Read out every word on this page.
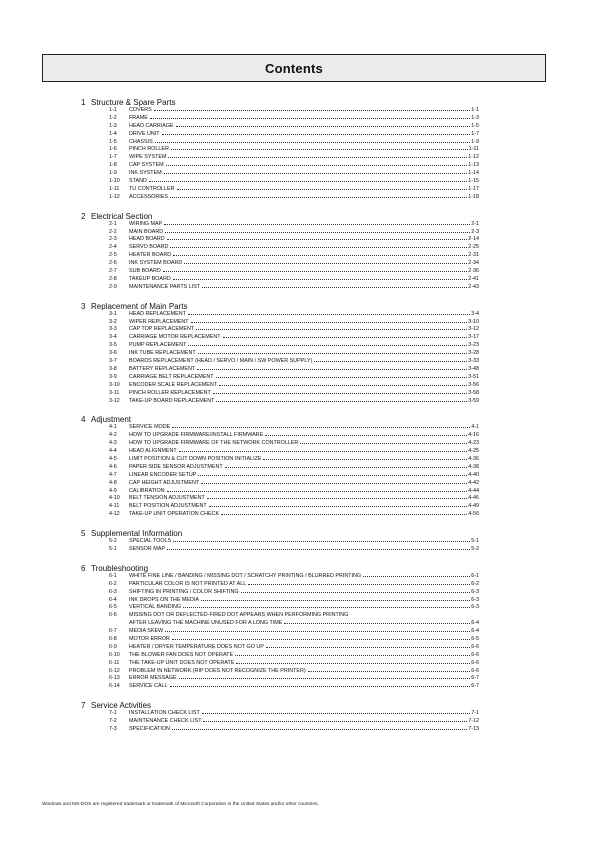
Contents
1 Structure & Spare Parts
1-1	COVERS	1-1
1-2	FRAME	1-3
1-3	HEAD CARRIAGE	1-5
1-4	DRIVE UNIT	1-7
1-5	CHASSIS	1-9
1-6	PINCH ROLLER	1-11
1-7	WIPE SYSTEM	1-12
1-8	CAP SYSTEM	1-13
1-9	INK SYSTEM	1-14
1-10	STAND	1-15
1-11	TU CONTROLLER	1-17
1-12	ACCESSORIES	1-18
2 Electrical Section
2-1	WIRING MAP	2-1
2-2	MAIN BOARD	2-3
2-3	HEAD BOARD	2-14
2-4	SERVO BOARD	2-25
2-5	HEATER BOARD	2-31
2-6	INK SYSTEM BOARD	2-34
2-7	SUB BOARD	2-36
2-8	TAKEUP BOARD	2-41
2-9	MAINTENANCE PARTS LIST	2-43
3 Replacement of Main Parts
3-1	HEAD REPLACEMENT	3-4
3-2	WIPER REPLACEMENT	3-10
3-3	CAP TOP REPLACEMENT	3-12
3-4	CARRIAGE MOTOR REPLACEMENT	3-17
3-5	PUMP REPLACEMENT	3-23
3-6	INK TUBE REPLACEMENT	3-28
3-7	BOARDS REPLACEMENT (HEAD / SERVO / MAIN / SW POWER SUPPLY)	3-33
3-8	BATTERY REPLACEMENT	3-48
3-9	CARRIAGE BELT REPLACEMENT	3-51
3-10	ENCODER SCALE REPLACEMENT	3-56
3-11	PINCH ROLLER REPLACEMENT	3-58
3-12	TAKE-UP BOARD REPLACEMENT	3-59
4 Adjustment
4-1	SERVICE MODE	4-1
4-2	HOW TO UPGRADE FIRMWARE/INSTALL FIRMWARE	4-16
4-3	HOW TO UPGRADE FIRMWARE OF THE NETWORK CONTROLLER	4-23
4-4	HEAD ALIGNMENT	4-25
4-5	LIMIT POSITION & CUT DOWN POSITION INITIALIZE	4-36
4-6	PAPER SIDE SENSOR ADJUSTMENT	4-38
4-7	LINEAR ENCODER SETUP	4-40
4-8	CAP HEIGHT ADJUSTMENT	4-42
4-9	CALIBRATION	4-44
4-10	BELT TENSION ADJUSTMENT	4-46
4-11	BELT POSITION ADJUSTMENT	4-49
4-12	TAKE-UP UNIT OPERATION CHECK	4-56
5 Supplemental Information
5-2	SPECIAL TOOLS	5-1
5-1	SENSOR MAP	5-2
6 Troubleshooting
6-1	WHITE FINE LINE / BANDING / MISSING DOT / SCRATCHY PRINTING / BLURRED PRINTING	6-1
6-2	PARTICULAR COLOR IS NOT PRINTED AT ALL	6-2
6-3	SHIFTING IN PRINTING / COLOR SHIFTING	6-3
6-4	INK DROPS ON THE MEDIA	6-3
6-5	VERTICAL BANDING	6-3
6-6	MISSING DOT OR DEFLECTED-FIRED DOT APPEARS WHEN PERFORMING PRINTING
AFTER LEAVING THE MACHINE UNUSED FOR A LONG TIME	6-4
6-7	MEDIA SKEW	6-4
6-8	MOTOR ERROR	6-5
6-9	HEATER / DRYER TEMPERATURE DOES NOT GO UP	6-6
6-10	THE BLOWER FAN DOES NOT OPERATE	6-6
6-11	THE TAKE-UP UNIT DOES NOT OPERATE	6-6
6-12	PROBLEM IN NETWORK (RIP DOES NOT RECOGNIZE THE PRINTER)	6-6
6-13	ERROR MESSAGE	6-7
6-14	SERVICE CALL	6-7
7 Service Activities
7-1	INSTALLATION CHECK LIST	7-1
7-2	MAINTENANCE CHECK LIST	7-12
7-3	SPECIFICATION	7-13
Windows and MS-DOS are registered trademark or trademark of Microsoft Corporation in the United States and/or other countries.
